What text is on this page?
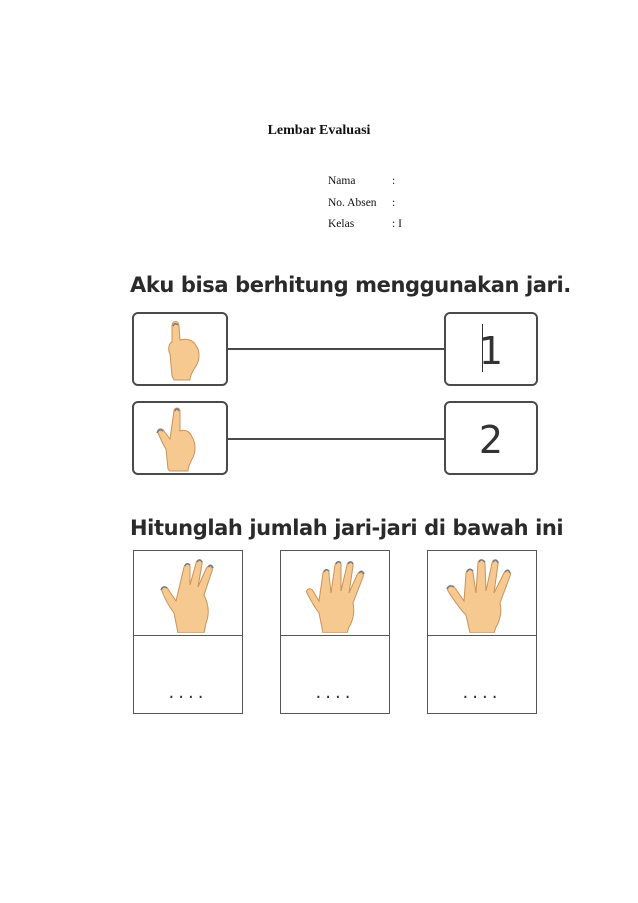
Lembar Evaluasi
Nama	:
No. Absen :
Kelas	: I
Aku bisa berhitung menggunakan jari.
1
2
Hitunglah jumlah jari-jari di bawah ini
....	....	....
